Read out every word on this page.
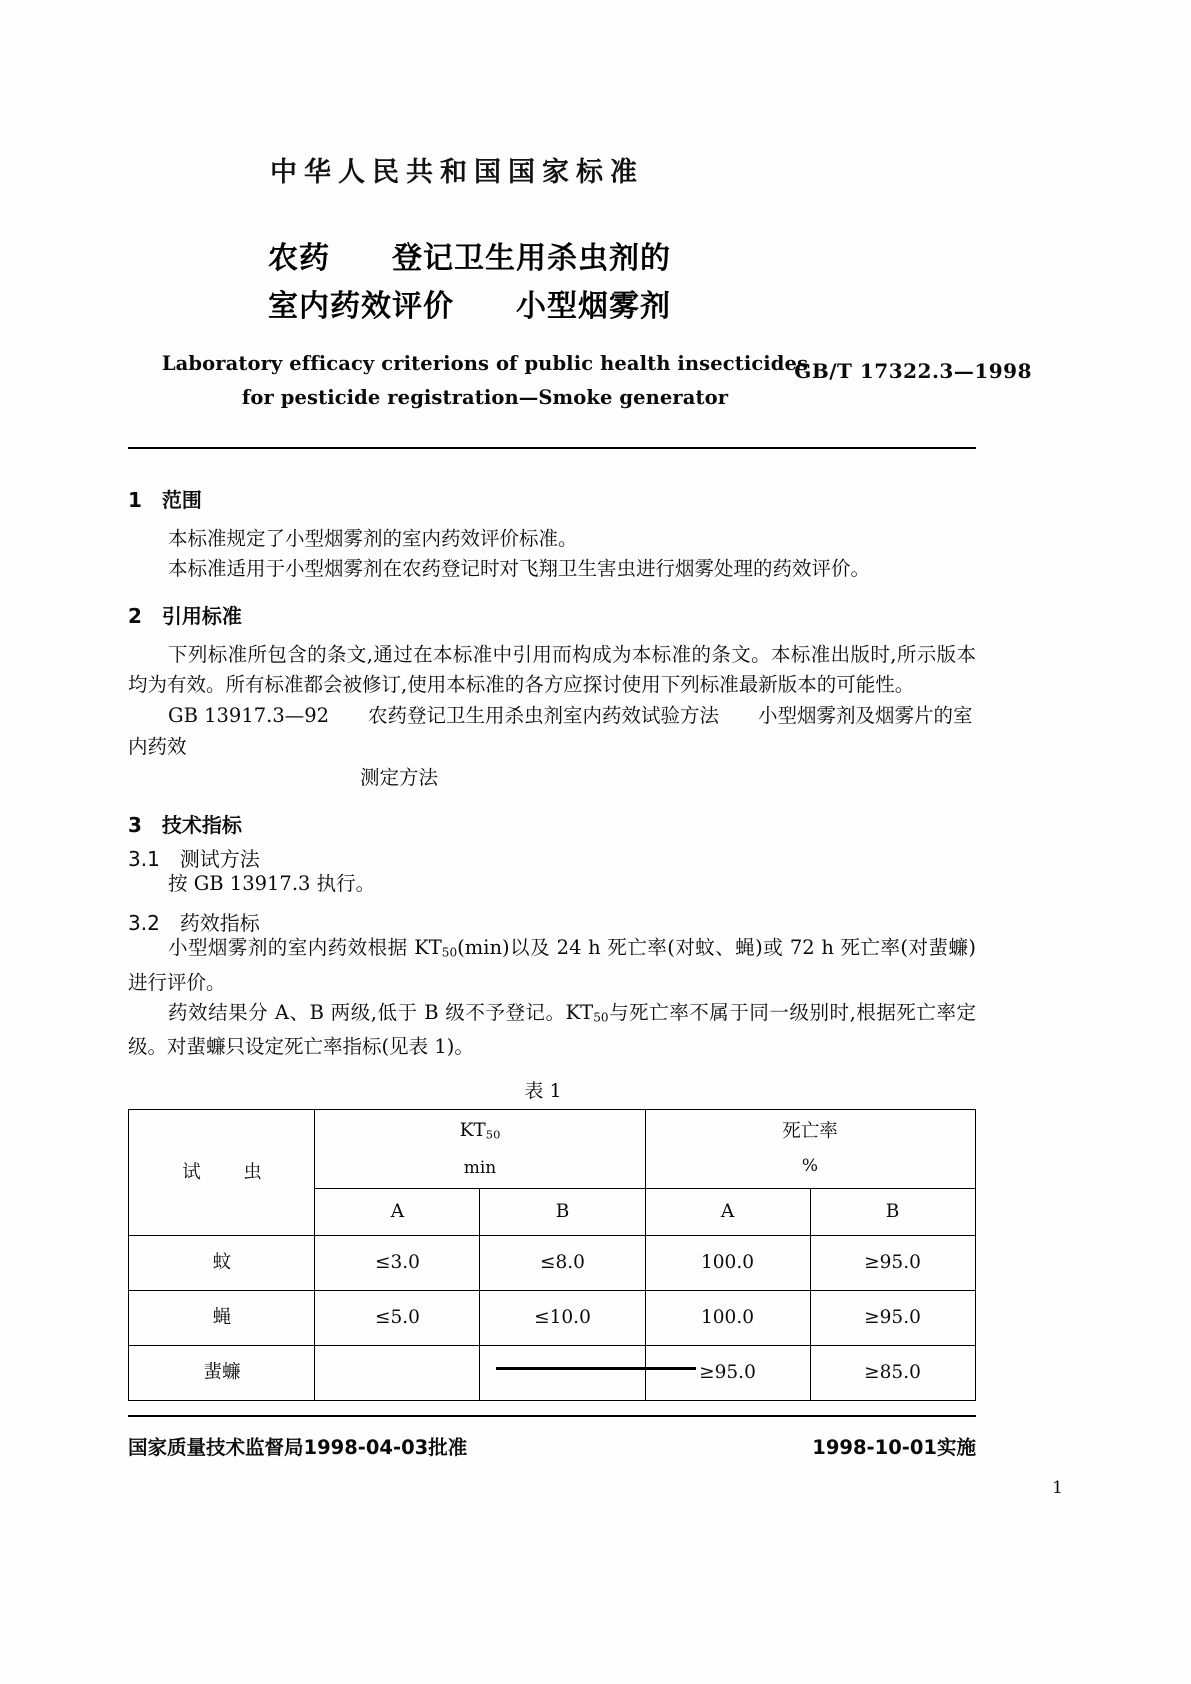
中华人民共和国国家标准
农药　　登记卫生用杀虫剂的
室内药效评价　　小型烟雾剂
GB/T 17322.3—1998
Laboratory efficacy criterions of public health insecticides
for pesticide registration—Smoke generator
1　范围

本标准规定了小型烟雾剂的室内药效评价标准。

本标准适用于小型烟雾剂在农药登记时对飞翔卫生害虫进行烟雾处理的药效评价。

2　引用标准

下列标准所包含的条文,通过在本标准中引用而构成为本标准的条文。本标准出版时,所示版本均为有效。所有标准都会被修订,使用本标准的各方应探讨使用下列标准最新版本的可能性。

GB 13917.3—92　　农药登记卫生用杀虫剂室内药效试验方法　　小型烟雾剂及烟雾片的室内药效

测定方法

3　技术指标
3.1　测试方法

按 GB 13917.3 执行。

3.2　药效指标

小型烟雾剂的室内药效根据 $KT_{50}(\min)$以及 24 h 死亡率(对蚊、蝇)或 72 h 死亡率(对蜚蠊)进行评价。

药效结果分 A、B 两级,低于 B 级不予登记。$KT_{50}$与死亡率不属于同一级别时,根据死亡率定级。对蜚蠊只设定死亡率指标(见表 1)。

表 1
试　虫	
$KT_{50}$
min

死亡率
%

	A	B	A	B
蚊	≤3.0	≤8.0	100.0	≥95.0
蝇	≤5.0	≤10.0	100.0	≥95.0
蜚蠊			≥95.0	≥85.0
国家质量技术监督局1998-04-03批准	1998-10-01实施
1
